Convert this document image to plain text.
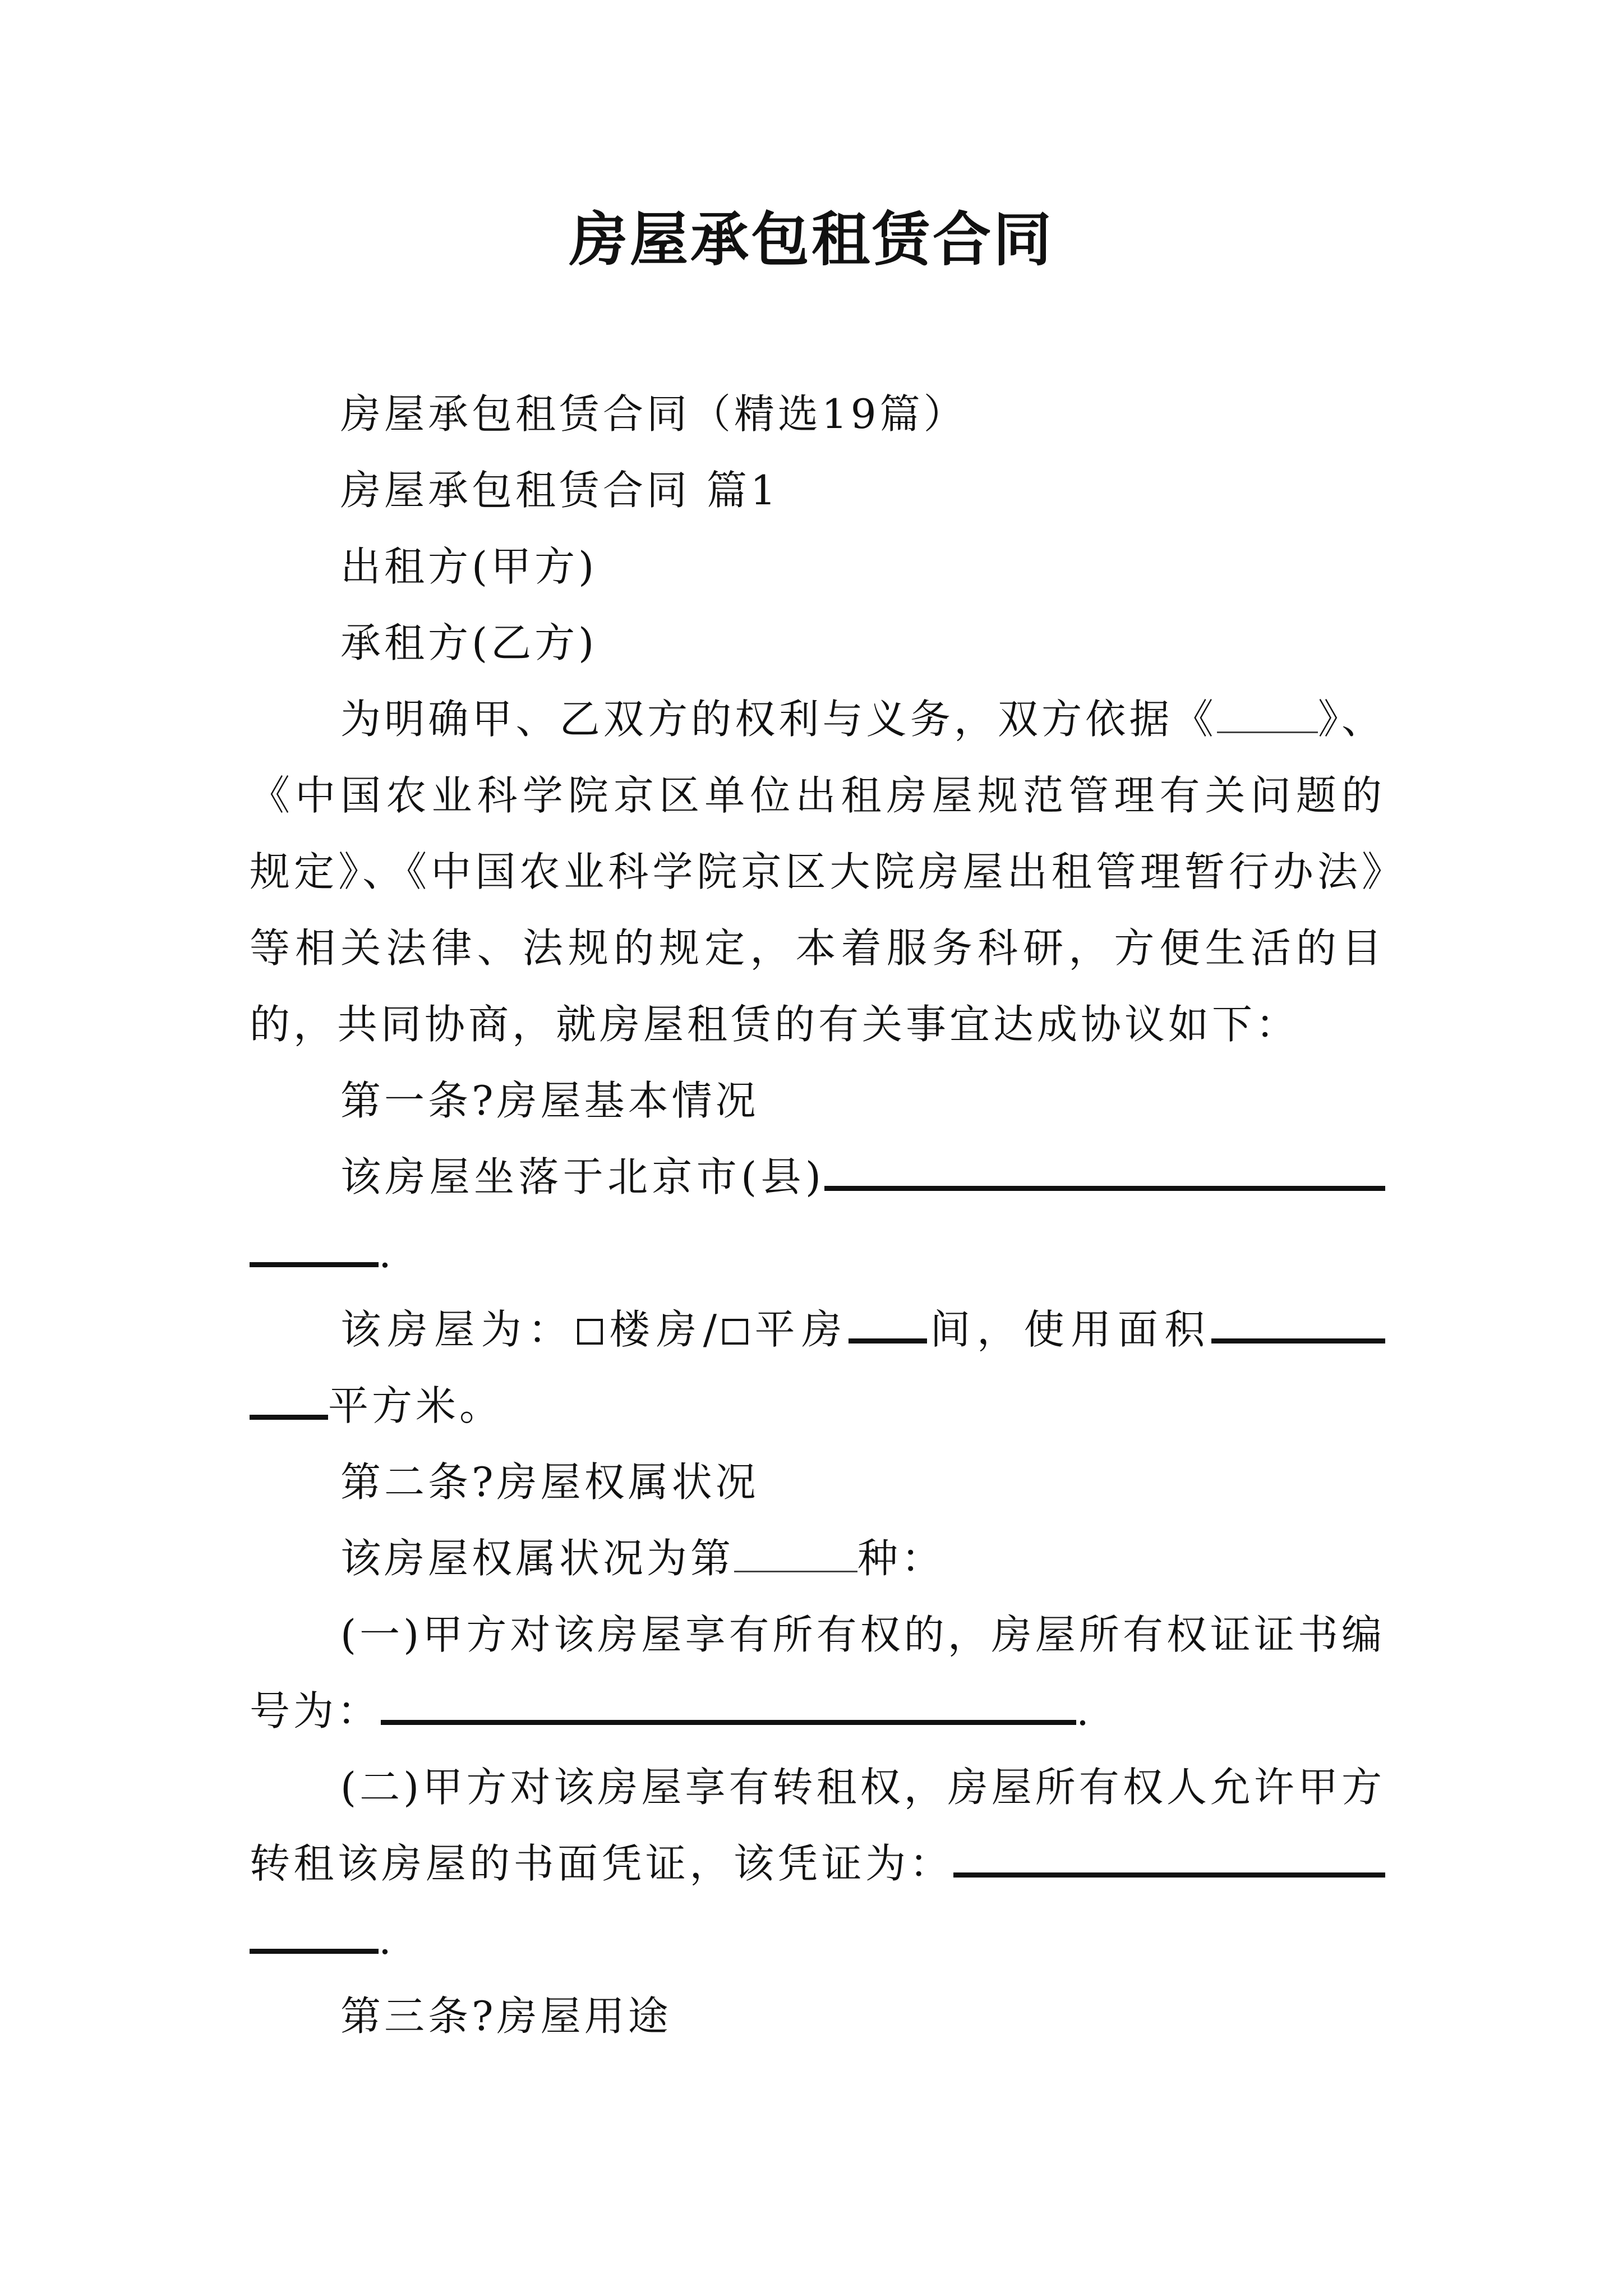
房屋承包租赁合同

房屋承包租赁合同（精选19篇）

房屋承包租赁合同 篇1

出租方(甲方)

承租方(乙方)

为明确甲、乙双方的权利与义务，双方依据《	》、《中国农业科学院京区单位出租房屋规范管理有关问题的规定》、《中国农业科学院京区大院房屋出租管理暂行办法》等相关法律、法规的规定，本着服务科研，方便生活的目的，共同协商，就房屋租赁的有关事宜达成协议如下：

第一条?房屋基本情况

该房屋坐落于北京市(县).

该房屋为： 楼房/ 平房 间，使用面积平方米。

第二条?房屋权属状况

该房屋权属状况为第	种：

(一)甲方对该房屋享有所有权的，房屋所有权证证书编号为：	.

(二)甲方对该房屋享有转租权，房屋所有权人允许甲方转租该房屋的书面凭证，该凭证为：.

第三条?房屋用途
